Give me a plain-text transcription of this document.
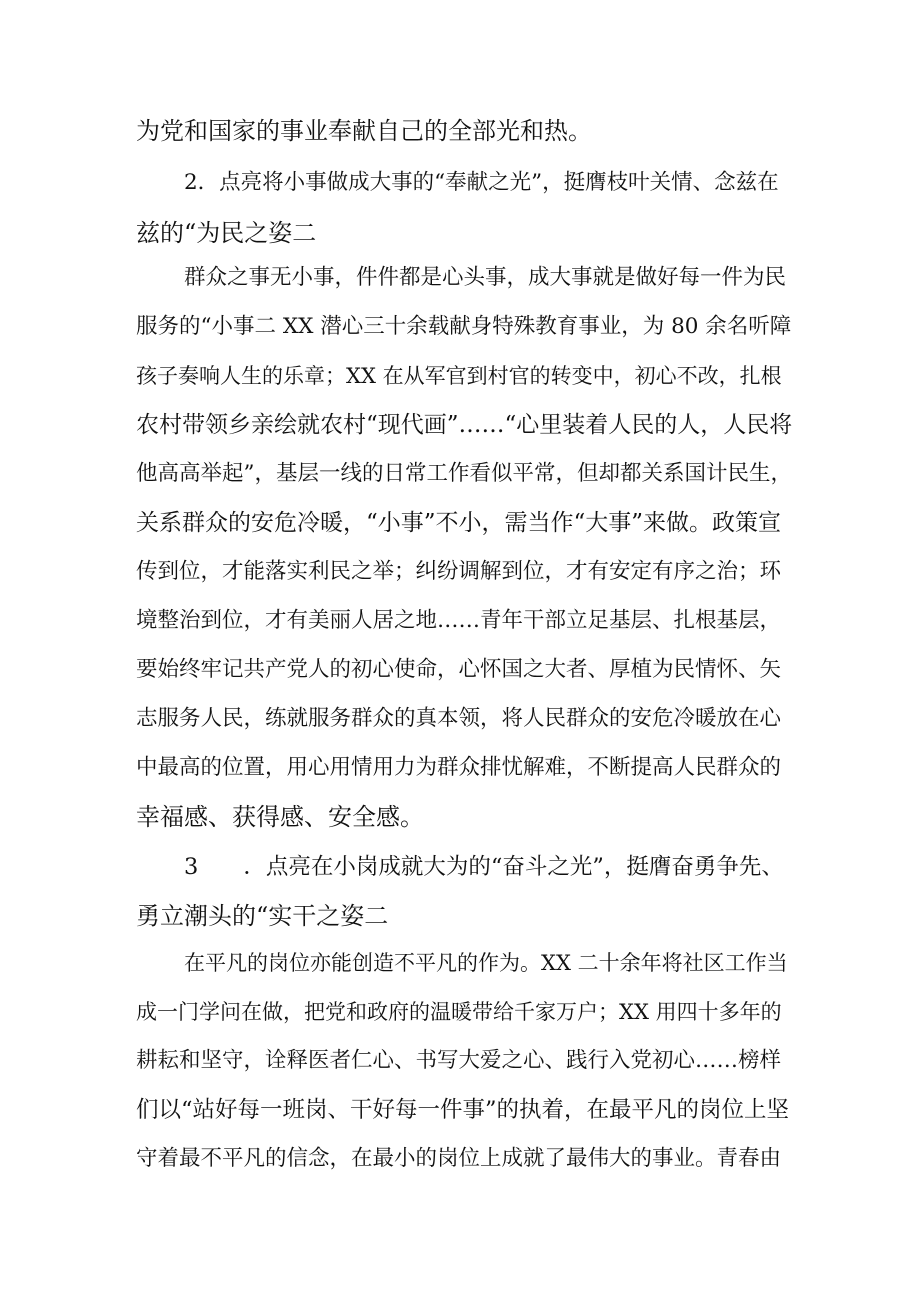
为党和国家的事业奉献自己的全部光和热。
2．点亮将小事做成大事的“奉献之光”，挺膺枝叶关情、念兹在
兹的“为民之姿二
群众之事无小事，件件都是心头事，成大事就是做好每一件为民
服务的“小事二 XX 潜心三十余载献身特殊教育事业，为 80 余名听障
孩子奏响人生的乐章；XX 在从军官到村官的转变中，初心不改，扎根
农村带领乡亲绘就农村“现代画”……“心里装着人民的人，人民将
他高高举起”，基层一线的日常工作看似平常，但却都关系国计民生，
关系群众的安危冷暖，“小事”不小，需当作“大事”来做。政策宣
传到位，才能落实利民之举；纠纷调解到位，才有安定有序之治；环
境整治到位，才有美丽人居之地……青年干部立足基层、扎根基层，
要始终牢记共产党人的初心使命，心怀国之大者、厚植为民情怀、矢
志服务人民，练就服务群众的真本领，将人民群众的安危冷暖放在心
中最高的位置，用心用情用力为群众排忧解难，不断提高人民群众的
幸福感、获得感、安全感。
3　　．点亮在小岗成就大为的“奋斗之光”，挺膺奋勇争先、
勇立潮头的“实干之姿二
在平凡的岗位亦能创造不平凡的作为。XX 二十余年将社区工作当
成一门学问在做，把党和政府的温暖带给千家万户；XX 用四十多年的
耕耘和坚守，诠释医者仁心、书写大爱之心、践行入党初心……榜样
们以“站好每一班岗、干好每一件事”的执着，在最平凡的岗位上坚
守着最不平凡的信念，在最小的岗位上成就了最伟大的事业。青春由
